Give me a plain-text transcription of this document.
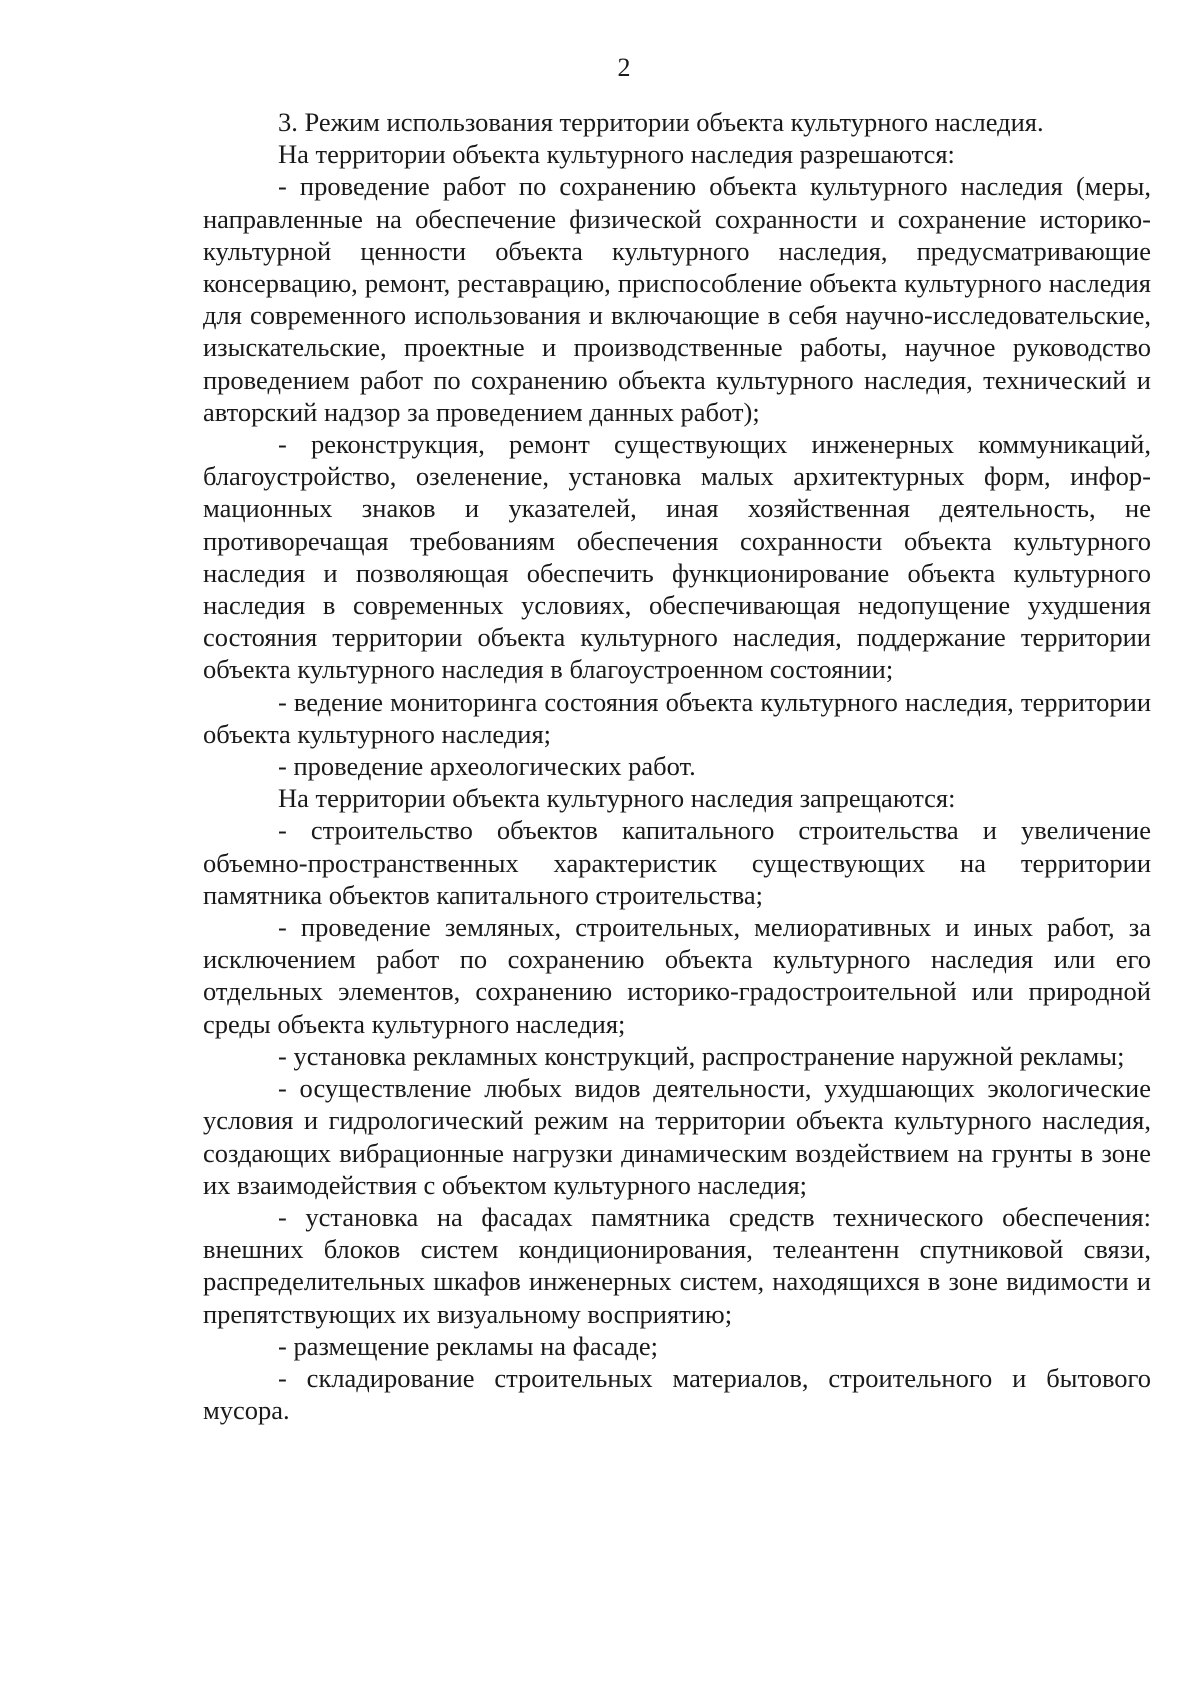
2

3. Режим использования территории объекта культурного наследия.

На территории объекта культурного наследия разрешаются:

- проведение работ по сохранению объекта культурного наследия (меры, направленные на обеспечение физической сохранности и сохранение историко-культурной ценности объекта культурного наследия, предусматривающие консервацию, ремонт, реставрацию, приспособление объекта культурного наследия для современного использования и включающие в себя научно-исследовательские, изыскательские, проектные и производственные работы, научное руководство проведением работ по сохранению объекта культурного наследия, технический и авторский надзор за проведением данных работ);

- реконструкция, ремонт существующих инженерных коммуникаций, благоустройство, озеленение, установка малых архитектурных форм, информационных знаков и указателей, иная хозяйственная деятельность, не противоречащая требованиям обеспечения сохранности объекта культурного наследия и позволяющая обеспечить функционирование объекта культурного наследия в современных условиях, обеспечивающая недопущение ухудшения состояния территории объекта культурного наследия, поддержание территории объекта культурного наследия в благоустроенном состоянии;

- ведение мониторинга состояния объекта культурного наследия, территории объекта культурного наследия;

- проведение археологических работ.

На территории объекта культурного наследия запрещаются:

- строительство объектов капитального строительства и увеличение объемно-пространственных характеристик существующих на территории памятника объектов капитального строительства;

- проведение земляных, строительных, мелиоративных и иных работ, за исключением работ по сохранению объекта культурного наследия или его отдельных элементов, сохранению историко-градостроительной или природной среды объекта культурного наследия;

- установка рекламных конструкций, распространение наружной рекламы;

- осуществление любых видов деятельности, ухудшающих экологические условия и гидрологический режим на территории объекта культурного наследия, создающих вибрационные нагрузки динамическим воздействием на грунты в зоне их взаимодействия с объектом культурного наследия;

- установка на фасадах памятника средств технического обеспечения: внешних блоков систем кондиционирования, телеантенн спутниковой связи, распределительных шкафов инженерных систем, находящихся в зоне видимости и препятствующих их визуальному восприятию;

- размещение рекламы на фасаде;

- складирование строительных материалов, строительного и бытового мусора.
